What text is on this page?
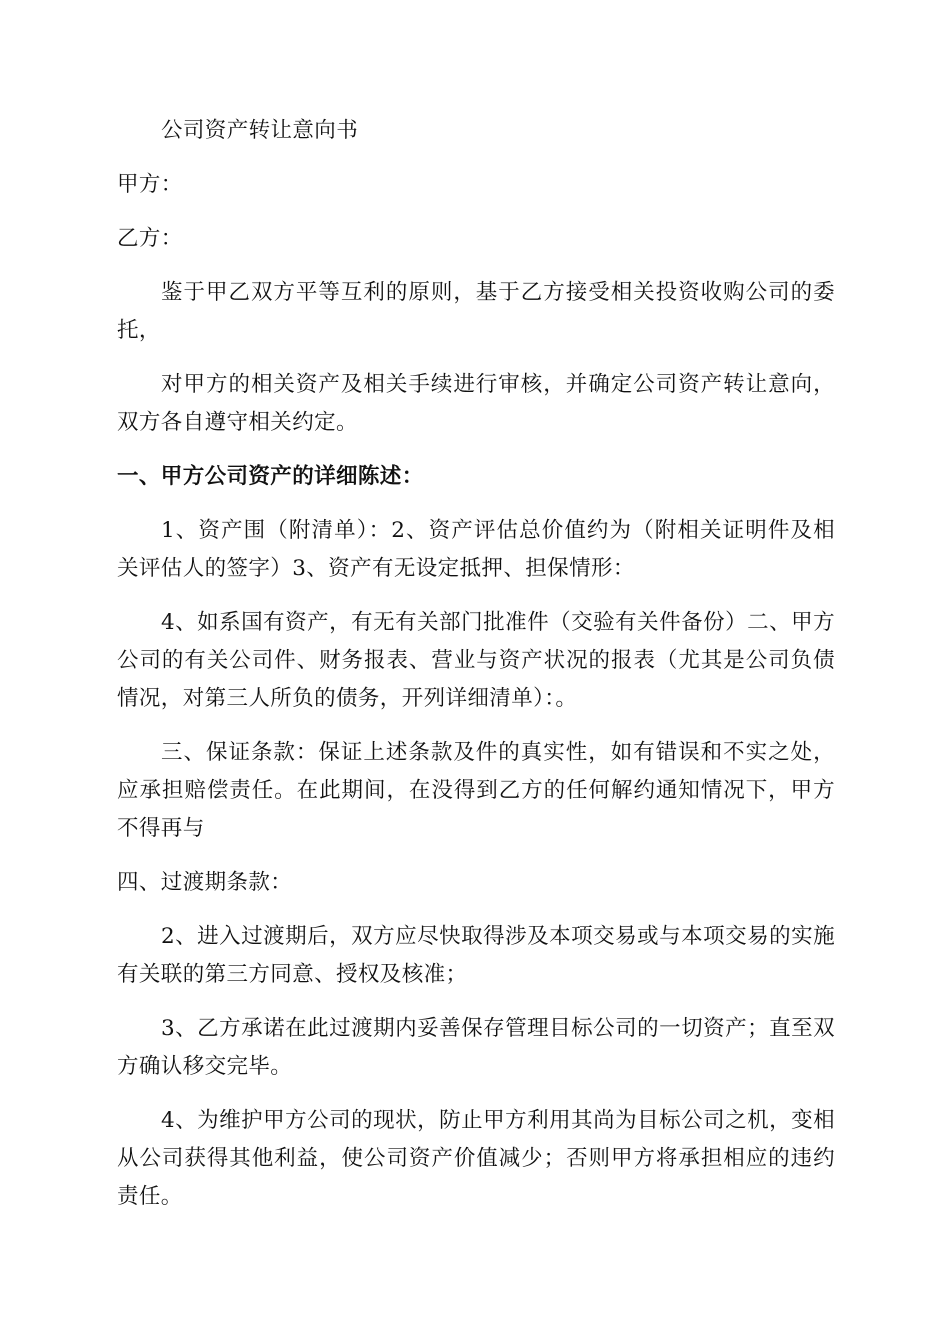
公司资产转让意向书

甲方：

乙方：

鉴于甲乙双方平等互利的原则，基于乙方接受相关投资收购公司的委托，

对甲方的相关资产及相关手续进行审核，并确定公司资产转让意向，双方各自遵守相关约定。

一、甲方公司资产的详细陈述：

1、资产围（附清单）：2、资产评估总价值约为（附相关证明件及相关评估人的签字）3、资产有无设定抵押、担保情形：

4、如系国有资产，有无有关部门批准件（交验有关件备份）二、甲方公司的有关公司件、财务报表、营业与资产状况的报表（尤其是公司负债情况，对第三人所负的债务，开列详细清单）：。

三、保证条款：保证上述条款及件的真实性，如有错误和不实之处，应承担赔偿责任。在此期间，在没得到乙方的任何解约通知情况下，甲方不得再与

四、过渡期条款：

2、进入过渡期后，双方应尽快取得涉及本项交易或与本项交易的实施有关联的第三方同意、授权及核准；

3、乙方承诺在此过渡期内妥善保存管理目标公司的一切资产；直至双方确认移交完毕。

4、为维护甲方公司的现状，防止甲方利用其尚为目标公司之机，变相从公司获得其他利益，使公司资产价值减少；否则甲方将承担相应的违约责任。
